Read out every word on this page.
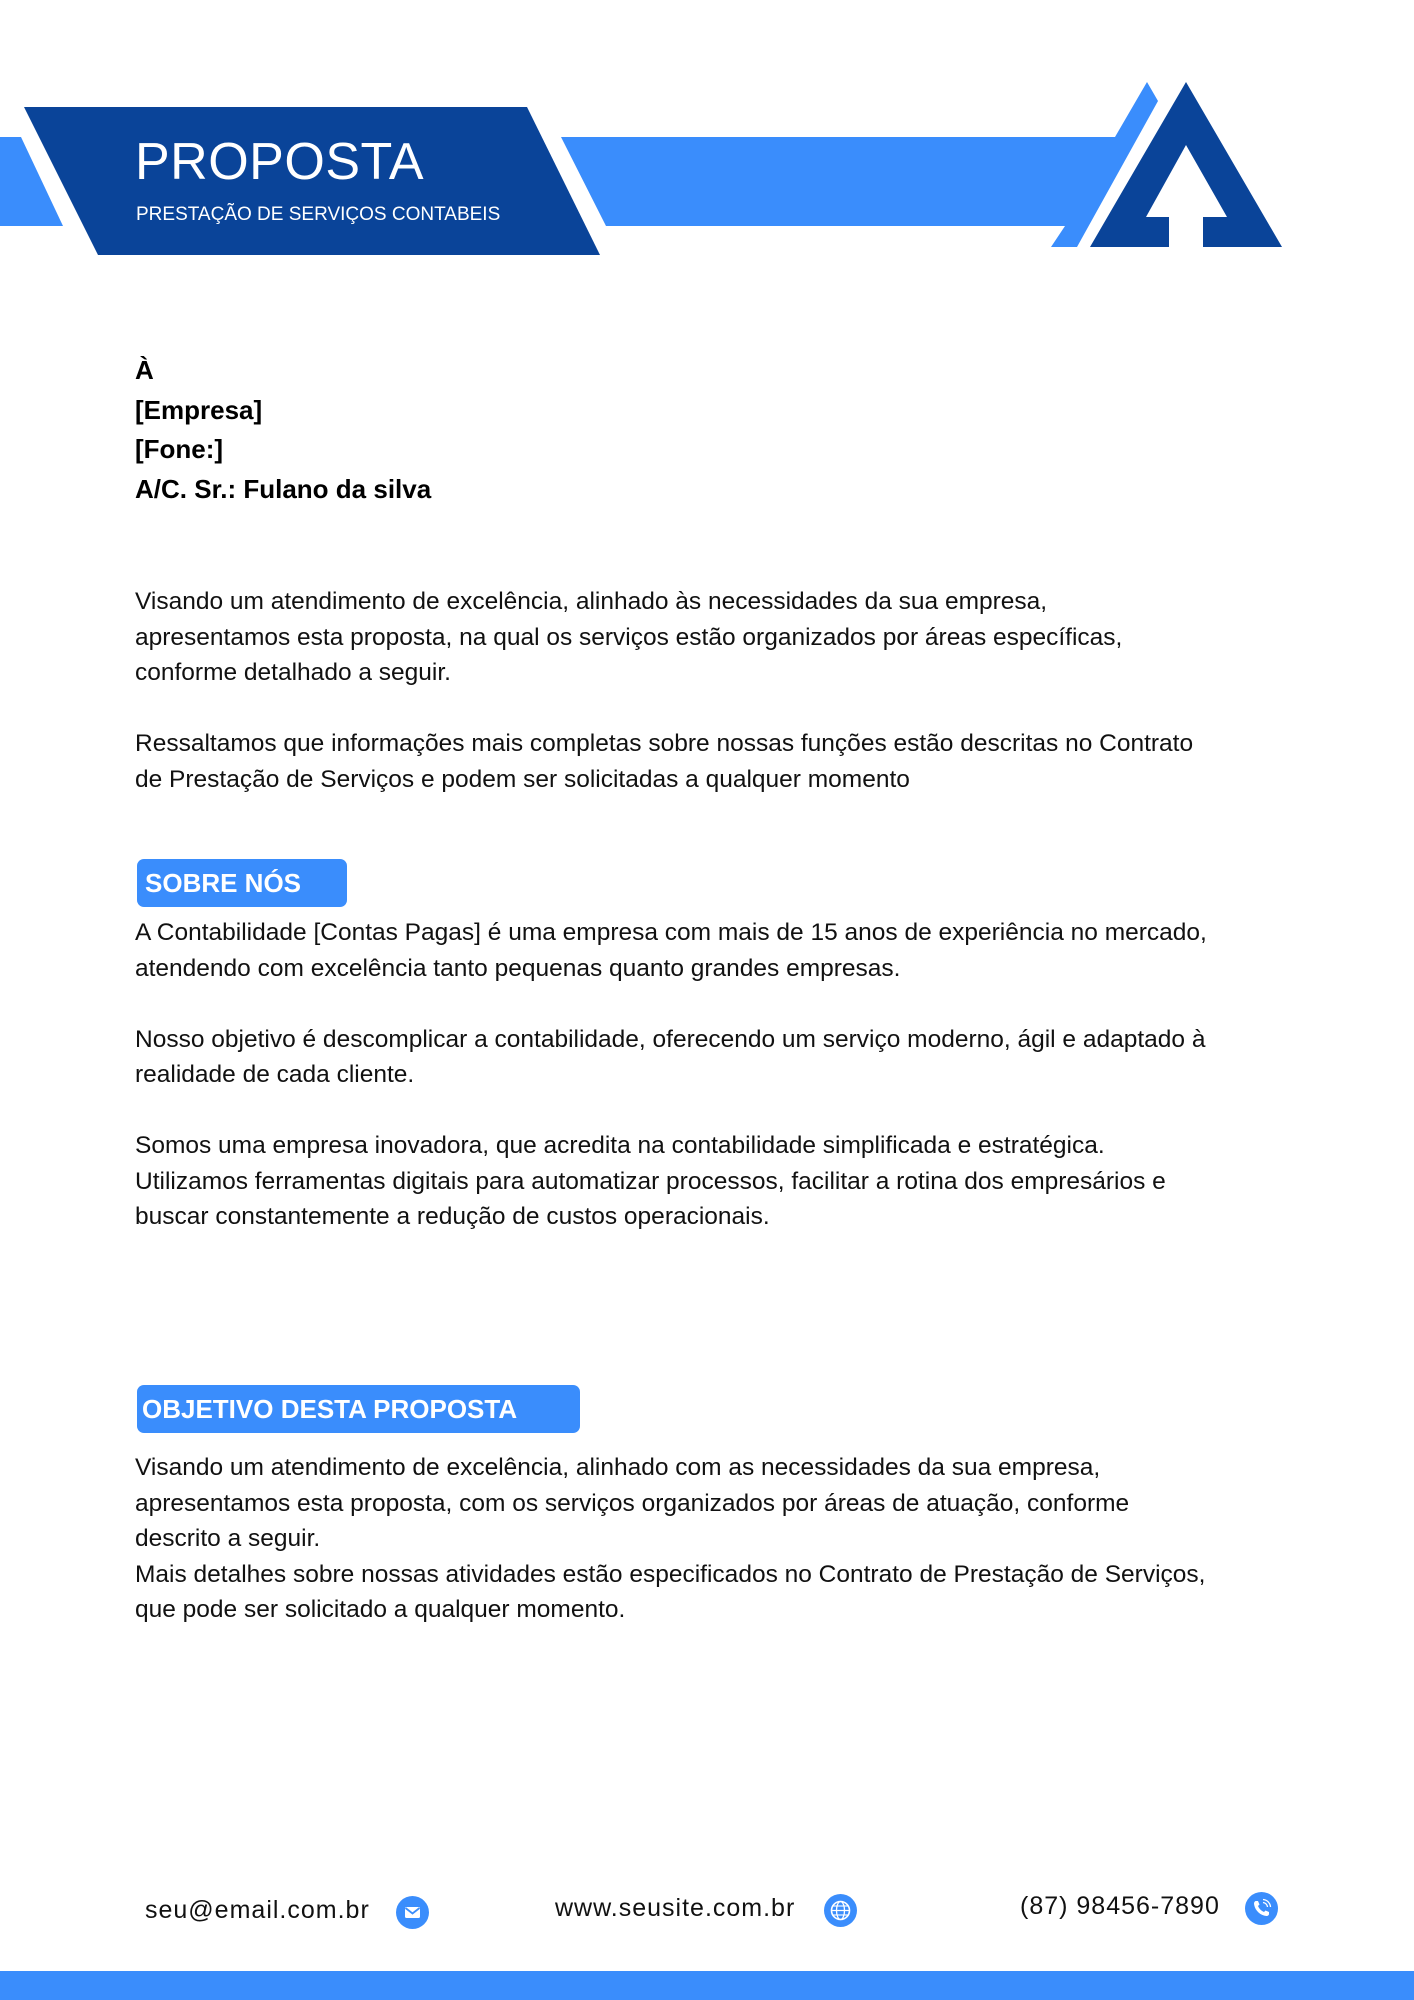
PROPOSTA
PRESTAÇÃO DE SERVIÇOS CONTABEIS
À
[Empresa]
[Fone:]
A/C. Sr.: Fulano da silva

Visando um atendimento de excelência, alinhado às necessidades da sua empresa,

apresentamos esta proposta, na qual os serviços estão organizados por áreas específicas,

conforme detalhado a seguir.

Ressaltamos que informações mais completas sobre nossas funções estão descritas no Contrato

de Prestação de Serviços e podem ser solicitadas a qualquer momento

SOBRE NÓS

A Contabilidade [Contas Pagas] é uma empresa com mais de 15 anos de experiência no mercado,

atendendo com excelência tanto pequenas quanto grandes empresas.

Nosso objetivo é descomplicar a contabilidade, oferecendo um serviço moderno, ágil e adaptado à

realidade de cada cliente.

Somos uma empresa inovadora, que acredita na contabilidade simplificada e estratégica.

Utilizamos ferramentas digitais para automatizar processos, facilitar a rotina dos empresários e

buscar constantemente a redução de custos operacionais.

OBJETIVO DESTA PROPOSTA

Visando um atendimento de excelência, alinhado com as necessidades da sua empresa,

apresentamos esta proposta, com os serviços organizados por áreas de atuação, conforme

descrito a seguir.

Mais detalhes sobre nossas atividades estão especificados no Contrato de Prestação de Serviços,

que pode ser solicitado a qualquer momento.

seu@email.com.br	www.seusite.com.br	(87) 98456-7890
